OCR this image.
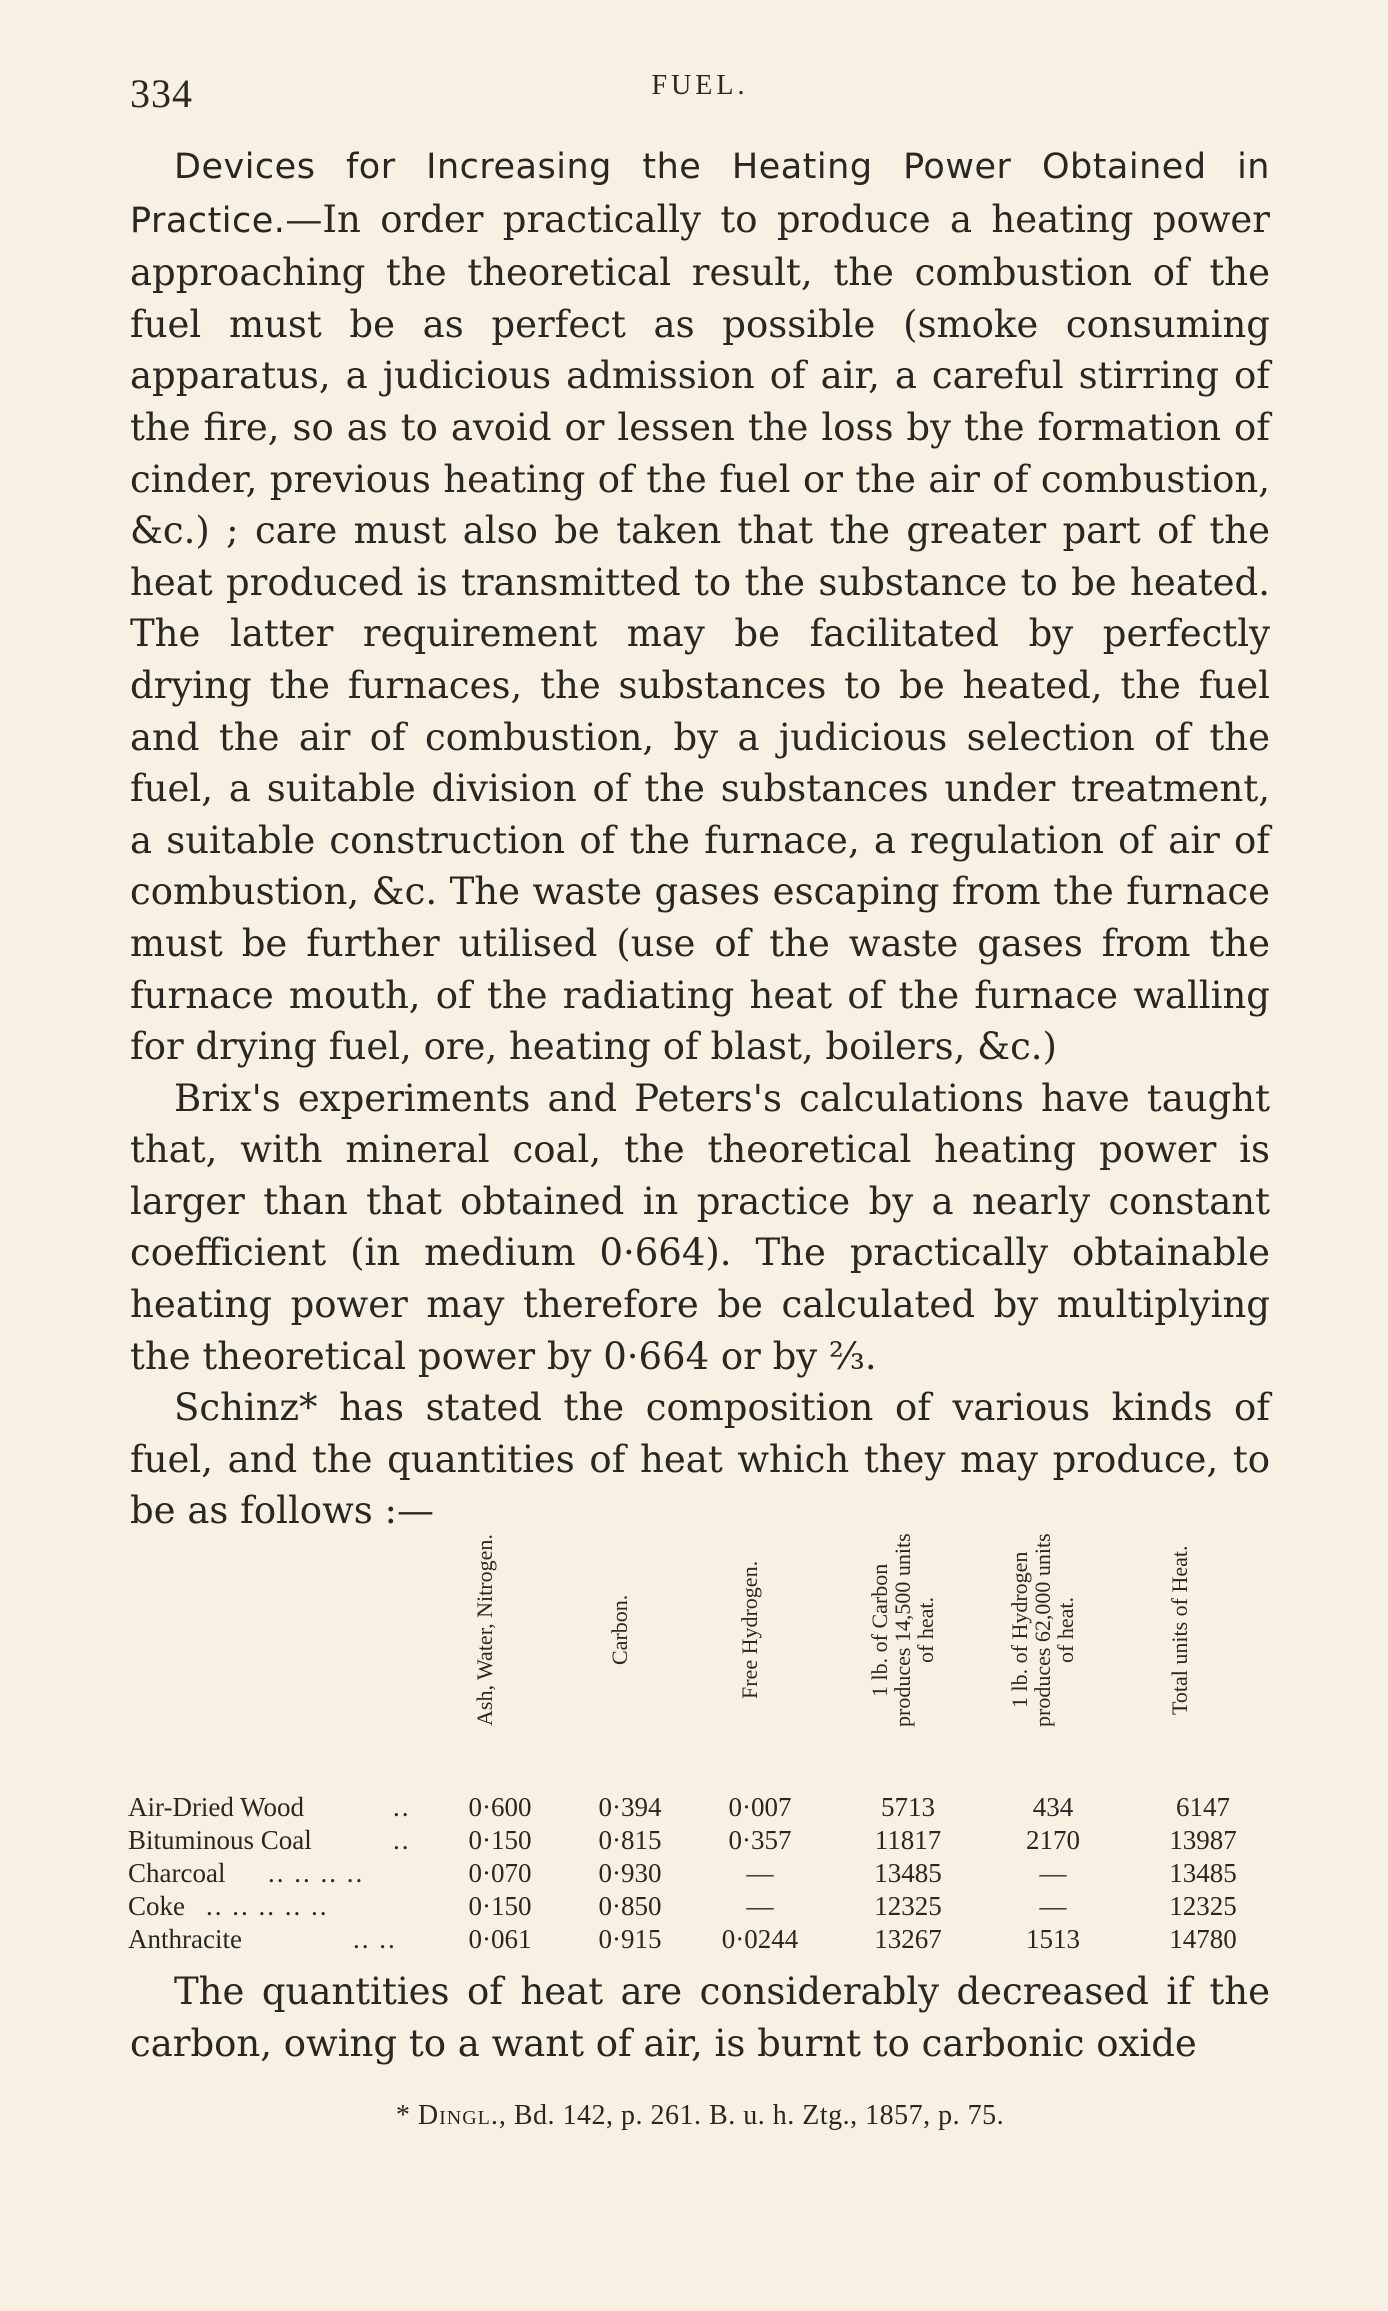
334	FUEL.

Devices for Increasing the Heating Power Obtained in Practice.—In order practically to produce a heating power approaching the theoretical result, the combustion of the fuel must be as perfect as possible (smoke consuming apparatus, a judicious admission of air, a careful stirring of the fire, so as to avoid or lessen the loss by the formation of cinder, previous heating of the fuel or the air of combustion, &c.) ; care must also be taken that the greater part of the heat produced is transmitted to the substance to be heated. The latter requirement may be facilitated by perfectly drying the furnaces, the substances to be heated, the fuel and the air of combustion, by a judicious selection of the fuel, a suitable division of the substances under treatment, a suitable construction of the furnace, a regulation of air of combustion, &c. The waste gases escaping from the furnace must be further utilised (use of the waste gases from the furnace mouth, of the radiating heat of the furnace walling for drying fuel, ore, heating of blast, boilers, &c.)

Brix's experiments and Peters's calculations have taught that, with mineral coal, the theoretical heating power is larger than that obtained in practice by a nearly constant coefficient (in medium 0·664). The practically obtainable heating power may therefore be calculated by multiplying the theoretical power by 0·664 or by ⅔.

Schinz* has stated the composition of various kinds of fuel, and the quantities of heat which they may produce, to be as follows :—

Ash, Water, Nitrogen.	Carbon.	Free Hydrogen.	1 lb. of Carbon produces 14,500 units of heat.	1 lb. of Hydrogen produces 62,000 units of heat.	Total units of Heat.
Air-Dried Wood	..	0·600	0·394	0·007	5713	434	6147
Bituminous Coal	..	0·150	0·815	0·357	11817	2170	13987
Charcoal .. .. .. ..	0·070	0·930	—	13485	—	13485
Coke .. .. .. .. ..	0·150	0·850	—	12325	—	12325
Anthracite	.. ..	0·061	0·915	0·0244	13267	1513	14780

The quantities of heat are considerably decreased if the carbon, owing to a want of air, is burnt to carbonic oxide

* Dingl., Bd. 142, p. 261. B. u. h. Ztg., 1857, p. 75.
